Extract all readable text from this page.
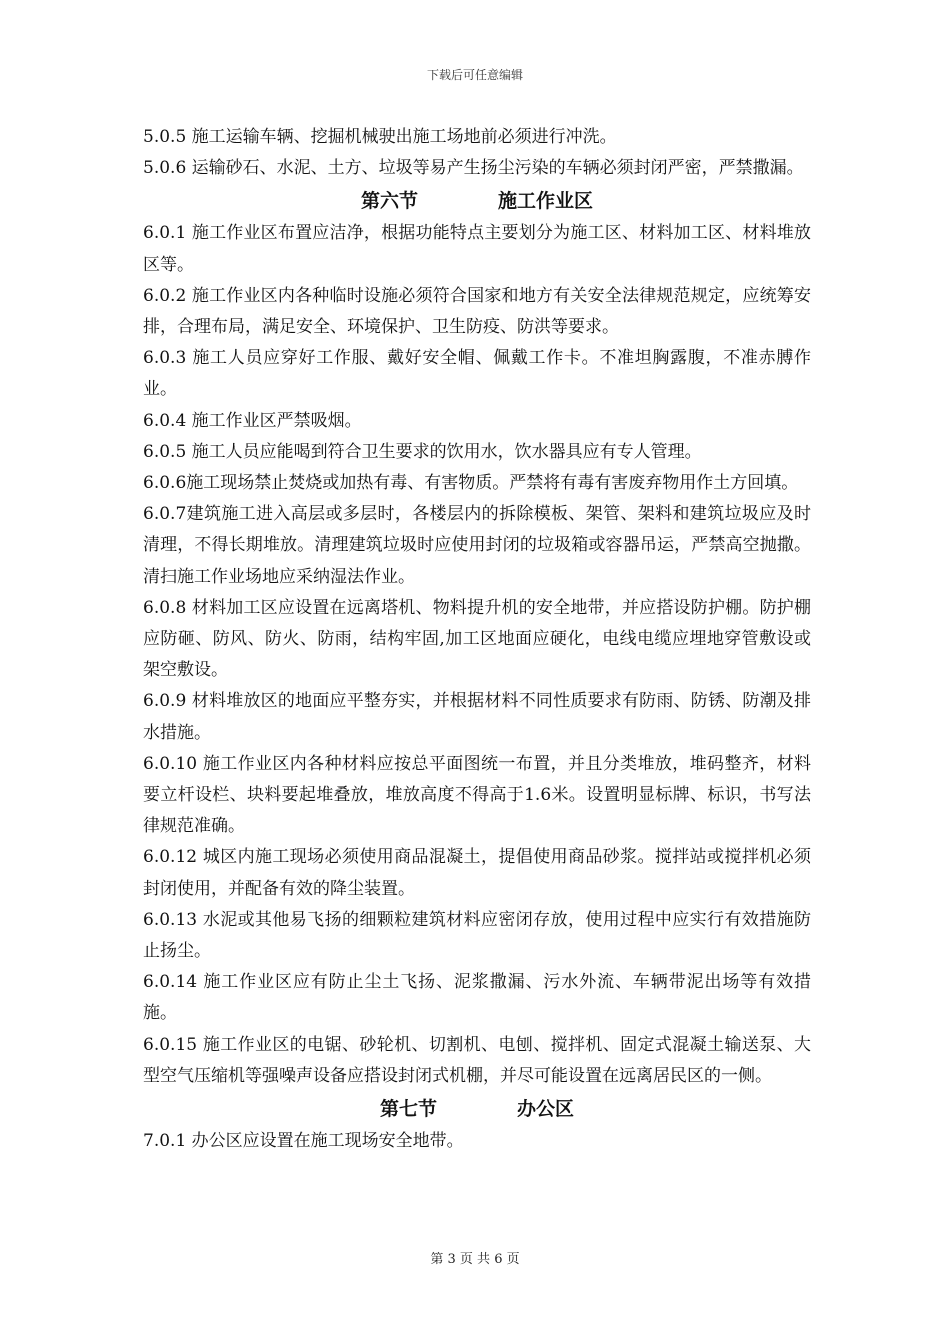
下载后可任意编辑

5.0.5 施工运输车辆、挖掘机械驶出施工场地前必须进行冲洗。

5.0.6 运输砂石、水泥、土方、垃圾等易产生扬尘污染的车辆必须封闭严密，严禁撒漏。

第六节	施工作业区

6.0.1 施工作业区布置应洁净，根据功能特点主要划分为施工区、材料加工区、材料堆放区等。

6.0.2 施工作业区内各种临时设施必须符合国家和地方有关安全法律规范规定，应统筹安排，合理布局，满足安全、环境保护、卫生防疫、防洪等要求。

6.0.3 施工人员应穿好工作服、戴好安全帽、佩戴工作卡。不准坦胸露腹，不准赤膊作业。

6.0.4 施工作业区严禁吸烟。

6.0.5 施工人员应能喝到符合卫生要求的饮用水，饮水器具应有专人管理。

6.0.6施工现场禁止焚烧或加热有毒、有害物质。严禁将有毒有害废弃物用作土方回填。

6.0.7建筑施工进入高层或多层时，各楼层内的拆除模板、架管、架料和建筑垃圾应及时清理，不得长期堆放。清理建筑垃圾时应使用封闭的垃圾箱或容器吊运，严禁高空抛撒。清扫施工作业场地应采纳湿法作业。

6.0.8 材料加工区应设置在远离塔机、物料提升机的安全地带，并应搭设防护棚。防护棚应防砸、防风、防火、防雨，结构牢固,加工区地面应硬化，电线电缆应埋地穿管敷设或架空敷设。

6.0.9 材料堆放区的地面应平整夯实，并根据材料不同性质要求有防雨、防锈、防潮及排水措施。

6.0.10 施工作业区内各种材料应按总平面图统一布置，并且分类堆放，堆码整齐，材料要立杆设栏、块料要起堆叠放，堆放高度不得高于1.6米。设置明显标牌、标识，书写法律规范准确。

6.0.12 城区内施工现场必须使用商品混凝土，提倡使用商品砂浆。搅拌站或搅拌机必须封闭使用，并配备有效的降尘装置。

6.0.13 水泥或其他易飞扬的细颗粒建筑材料应密闭存放，使用过程中应实行有效措施防止扬尘。

6.0.14 施工作业区应有防止尘土飞扬、泥浆撒漏、污水外流、车辆带泥出场等有效措施。

6.0.15 施工作业区的电锯、砂轮机、切割机、电刨、搅拌机、固定式混凝土输送泵、大型空气压缩机等强噪声设备应搭设封闭式机棚，并尽可能设置在远离居民区的一侧。

第七节	办公区

7.0.1 办公区应设置在施工现场安全地带。

第 3 页 共 6 页
